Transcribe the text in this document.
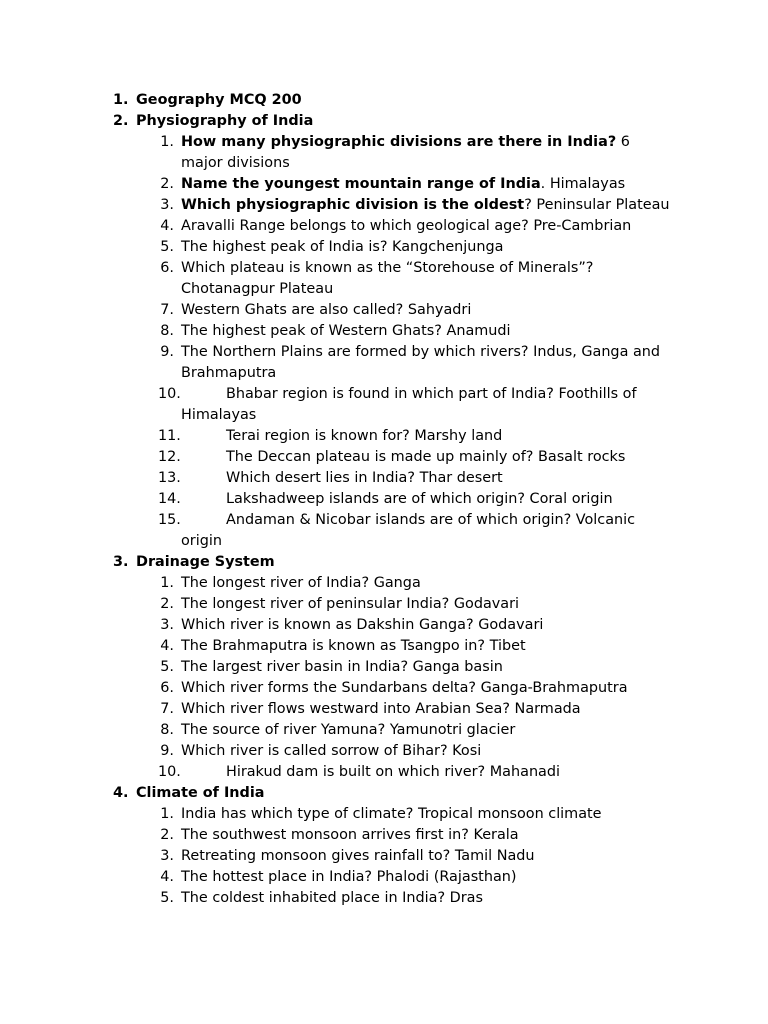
1. Geography MCQ 200
2. Physiography of India
1. How many physiographic divisions are there in India? 6 major divisions
2. Name the youngest mountain range of India. Himalayas
3. Which physiographic division is the oldest? Peninsular Plateau
4. Aravalli Range belongs to which geological age? Pre-Cambrian
5. The highest peak of India is? Kangchenjunga
6. Which plateau is known as the “Storehouse of Minerals”? Chotanagpur Plateau
7. Western Ghats are also called? Sahyadri
8. The highest peak of Western Ghats? Anamudi
9. The Northern Plains are formed by which rivers? Indus, Ganga and Brahmaputra
10.	Bhabar region is found in which part of India? Foothills of Himalayas
11.	Terai region is known for? Marshy land
12.	The Deccan plateau is made up mainly of? Basalt rocks
13.	Which desert lies in India? Thar desert
14.	Lakshadweep islands are of which origin? Coral origin
15.	Andaman & Nicobar islands are of which origin? Volcanic origin
3. Drainage System
1. The longest river of India? Ganga
2. The longest river of peninsular India? Godavari
3. Which river is known as Dakshin Ganga? Godavari
4. The Brahmaputra is known as Tsangpo in? Tibet
5. The largest river basin in India? Ganga basin
6. Which river forms the Sundarbans delta? Ganga-Brahmaputra
7. Which river flows westward into Arabian Sea? Narmada
8. The source of river Yamuna? Yamunotri glacier
9. Which river is called sorrow of Bihar? Kosi
10.	Hirakud dam is built on which river? Mahanadi
4. Climate of India
1. India has which type of climate? Tropical monsoon climate
2. The southwest monsoon arrives first in? Kerala
3. Retreating monsoon gives rainfall to? Tamil Nadu
4. The hottest place in India? Phalodi (Rajasthan)
5. The coldest inhabited place in India? Dras
